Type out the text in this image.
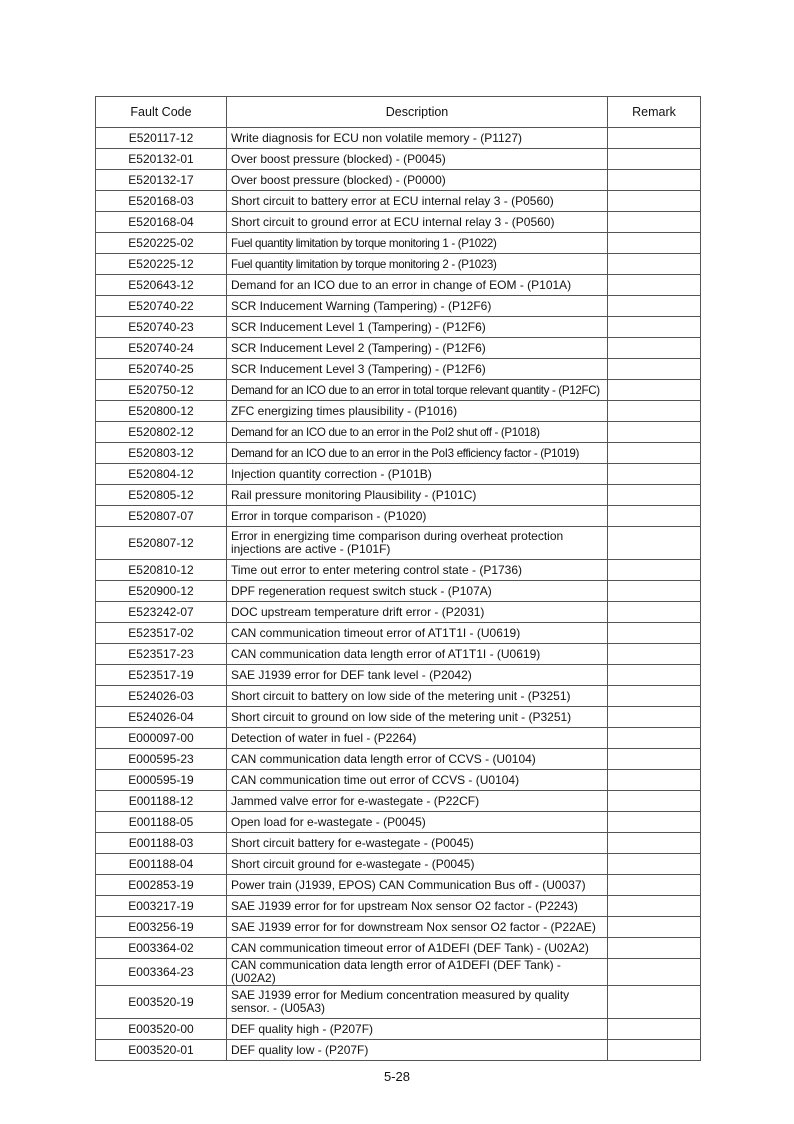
Fault Code	Description	Remark
E520117-12	Write diagnosis for ECU non volatile memory - (P1127)	
E520132-01	Over boost pressure (blocked) - (P0045)	
E520132-17	Over boost pressure (blocked) - (P0000)	
E520168-03	Short circuit to battery error at ECU internal relay 3 - (P0560)	
E520168-04	Short circuit to ground error at ECU internal relay 3 - (P0560)	
E520225-02	Fuel quantity limitation by torque monitoring 1 - (P1022)	
E520225-12	Fuel quantity limitation by torque monitoring 2 - (P1023)	
E520643-12	Demand for an ICO due to an error in change of EOM - (P101A)	
E520740-22	SCR Inducement Warning (Tampering) - (P12F6)	
E520740-23	SCR Inducement Level 1 (Tampering) - (P12F6)	
E520740-24	SCR Inducement Level 2 (Tampering) - (P12F6)	
E520740-25	SCR Inducement Level 3 (Tampering) - (P12F6)	
E520750-12	Demand for an ICO due to an error in total torque relevant quantity - (P12FC)	
E520800-12	ZFC energizing times plausibility - (P1016)	
E520802-12	Demand for an ICO due to an error in the PoI2 shut off - (P1018)	
E520803-12	Demand for an ICO due to an error in the PoI3 efficiency factor - (P1019)	
E520804-12	Injection quantity correction - (P101B)	
E520805-12	Rail pressure monitoring Plausibility - (P101C)	
E520807-07	Error in torque comparison - (P1020)	
E520807-12	Error in energizing time comparison during overheat protection injections are active - (P101F)	
E520810-12	Time out error to enter metering control state - (P1736)	
E520900-12	DPF regeneration request switch stuck - (P107A)	
E523242-07	DOC upstream temperature drift error - (P2031)	
E523517-02	CAN communication timeout error of AT1T1I - (U0619)	
E523517-23	CAN communication data length error of AT1T1I - (U0619)	
E523517-19	SAE J1939 error for DEF tank level - (P2042)	
E524026-03	Short circuit to battery on low side of the metering unit - (P3251)	
E524026-04	Short circuit to ground on low side of the metering unit - (P3251)	
E000097-00	Detection of water in fuel - (P2264)	
E000595-23	CAN communication data length error of CCVS - (U0104)	
E000595-19	CAN communication time out error of CCVS - (U0104)	
E001188-12	Jammed valve error for e-wastegate - (P22CF)	
E001188-05	Open load for e-wastegate - (P0045)	
E001188-03	Short circuit battery for e-wastegate - (P0045)	
E001188-04	Short circuit ground for e-wastegate - (P0045)	
E002853-19	Power train (J1939, EPOS) CAN Communication Bus off - (U0037)	
E003217-19	SAE J1939 error for for upstream Nox sensor O2 factor - (P2243)	
E003256-19	SAE J1939 error for for downstream Nox sensor O2 factor - (P22AE)	
E003364-02	CAN communication timeout error of A1DEFI (DEF Tank) - (U02A2)	
E003364-23	CAN communication data length error of A1DEFI (DEF Tank) - (U02A2)	
E003520-19	SAE J1939 error for Medium concentration measured by quality sensor. - (U05A3)	
E003520-00	DEF quality high - (P207F)	
E003520-01	DEF quality low - (P207F)	
5-28
